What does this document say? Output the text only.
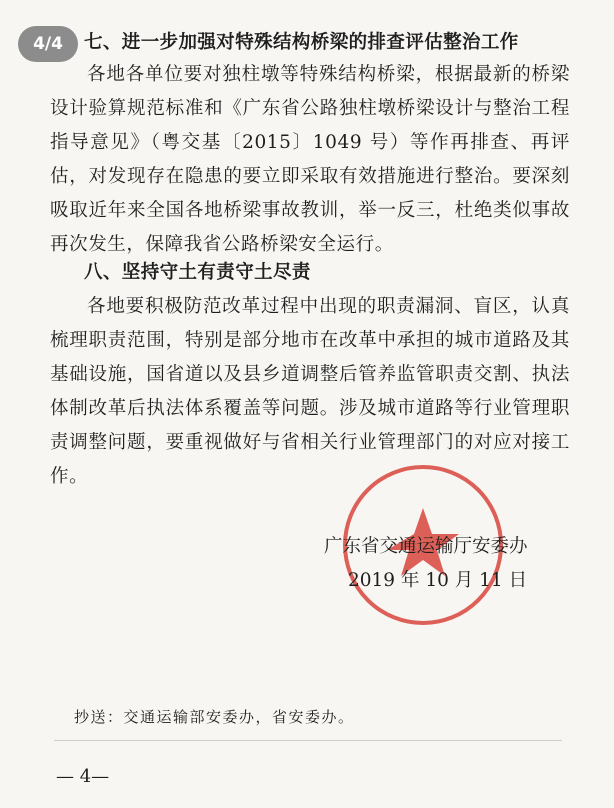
4/4	七、进一步加强对特殊结构桥梁的排查评估整治工作
各地各单位要对独柱墩等特殊结构桥梁，根据最新的桥梁设计验算规范标准和《广东省公路独柱墩桥梁设计与整治工程指导意见》（粤交基〔2015〕1049 号）等作再排查、再评估，对发现存在隐患的要立即采取有效措施进行整治。要深刻吸取近年来全国各地桥梁事故教训，举一反三，杜绝类似事故再次发生，保障我省公路桥梁安全运行。
八、坚持守土有责守土尽责
各地要积极防范改革过程中出现的职责漏洞、盲区，认真梳理职责范围，特别是部分地市在改革中承担的城市道路及其基础设施，国省道以及县乡道调整后管养监管职责交割、执法体制改革后执法体系覆盖等问题。涉及城市道路等行业管理职责调整问题，要重视做好与省相关行业管理部门的对应对接工作。
广东省交通运输厅安委办
2019 年 10 月 11 日
抄送：交通运输部安委办，省安委办。
— 4—
